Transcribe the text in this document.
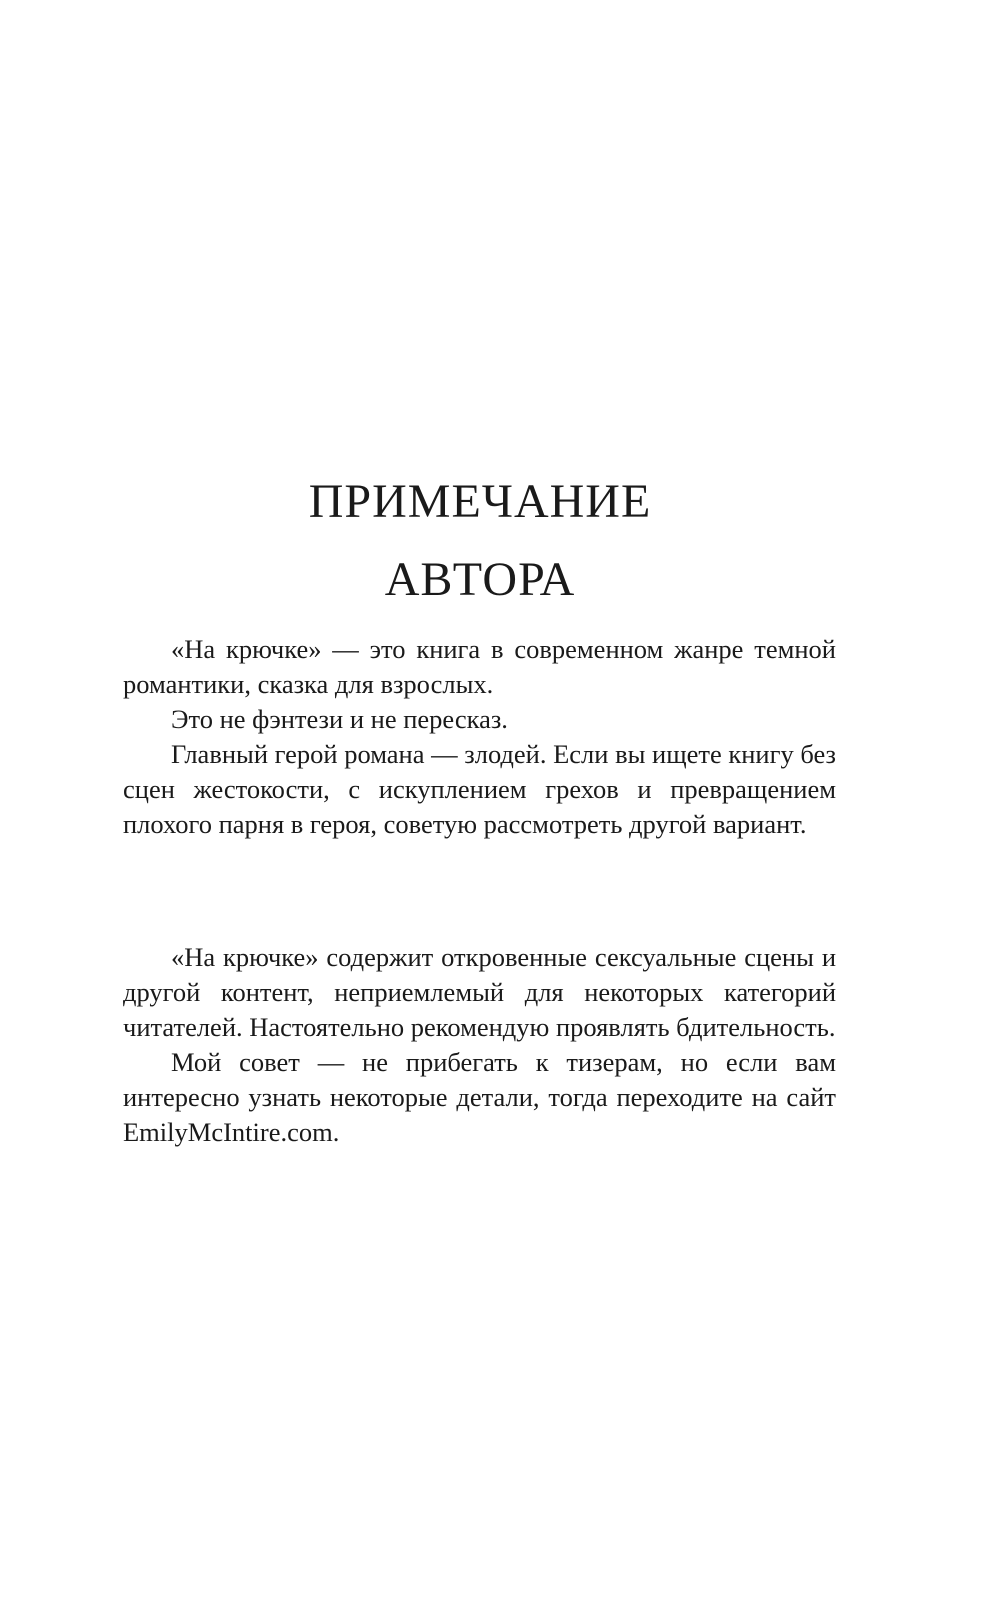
ПРИМЕЧАНИЕ
АВТОРА

«На крючке» — это книга в современном жанре темной романтики, сказка для взрослых.

Это не фэнтези и не пересказ.

Главный герой романа — злодей. Если вы ищете книгу без сцен жестокости, с искуплением грехов и превращением плохого парня в героя, советую рассмотреть другой вариант.

«На крючке» содержит откровенные сексуальные сцены и другой контент, неприемлемый для некоторых категорий читателей. Настоятельно рекомендую проявлять бдительность.

Мой совет — не прибегать к тизерам, но если вам интересно узнать некоторые детали, тогда переходите на сайт EmilyMcIntire.com.
